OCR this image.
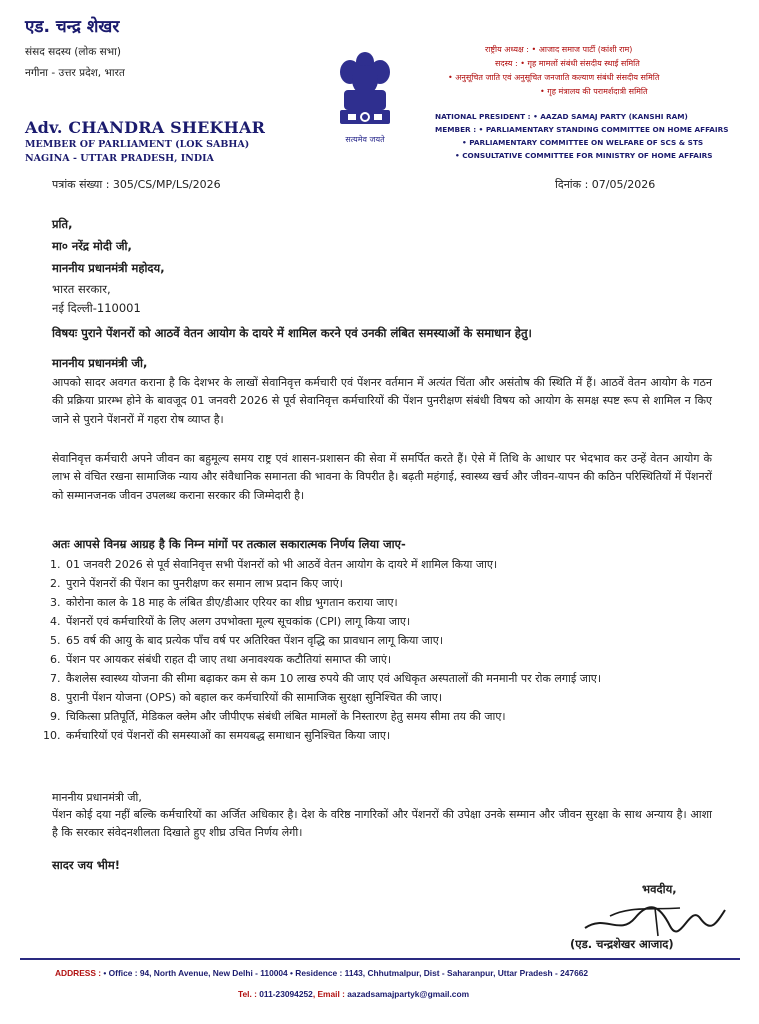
एड. चन्द्र शेखर
संसद सदस्य (लोक सभा)
नगीना - उत्तर प्रदेश, भारत
Adv. CHANDRA SHEKHAR
MEMBER OF PARLIAMENT (LOK SABHA)
NAGINA - UTTAR PRADESH, INDIA
सत्यमेव जयते
राष्ट्रीय अध्यक्ष : • आजाद समाज पार्टी (कांशी राम)
सदस्य : • गृह मामलों संबंधी संसदीय स्थाई समिति
• अनुसूचित जाति एवं अनुसूचित जनजाति कल्याण संबंधी संसदीय समिति
• गृह मंत्रालय की परामर्शदात्री समिति
NATIONAL PRESIDENT : • AAZAD SAMAJ PARTY (KANSHI RAM)
MEMBER : • PARLIAMENTARY STANDING COMMITTEE ON HOME AFFAIRS
• PARLIAMENTARY COMMITTEE ON WELFARE OF SCS & STS
• CONSULTATIVE COMMITTEE FOR MINISTRY OF HOME AFFAIRS
पत्रांक संख्या : 305/CS/MP/LS/2026	दिनांक : 07/05/2026
प्रति,
मा० नरेंद्र मोदी जी,
माननीय प्रधानमंत्री महोदय,
भारत सरकार,
नई दिल्ली-110001
विषयः पुराने पेंशनरों को आठवें वेतन आयोग के दायरे में शामिल करने एवं उनकी लंबित समस्याओं के समाधान हेतु।
माननीय प्रधानमंत्री जी,
आपको सादर अवगत कराना है कि देशभर के लाखों सेवानिवृत्त कर्मचारी एवं पेंशनर वर्तमान में अत्यंत चिंता और असंतोष की स्थिति में हैं। आठवें वेतन आयोग के गठन की प्रक्रिया प्रारम्भ होने के बावजूद 01 जनवरी 2026 से पूर्व सेवानिवृत्त कर्मचारियों की पेंशन पुनरीक्षण संबंधी विषय को आयोग के समक्ष स्पष्ट रूप से शामिल न किए जाने से पुराने पेंशनरों में गहरा रोष व्याप्त है।
सेवानिवृत्त कर्मचारी अपने जीवन का बहुमूल्य समय राष्ट्र एवं शासन-प्रशासन की सेवा में समर्पित करते हैं। ऐसे में तिथि के आधार पर भेदभाव कर उन्हें वेतन आयोग के लाभ से वंचित रखना सामाजिक न्याय और संवैधानिक समानता की भावना के विपरीत है। बढ़ती महंगाई, स्वास्थ्य खर्च और जीवन-यापन की कठिन परिस्थितियों में पेंशनरों को सम्मानजनक जीवन उपलब्ध कराना सरकार की जिम्मेदारी है।
अतः आपसे विनम्र आग्रह है कि निम्न मांगों पर तत्काल सकारात्मक निर्णय लिया जाए-
1. 01 जनवरी 2026 से पूर्व सेवानिवृत्त सभी पेंशनरों को भी आठवें वेतन आयोग के दायरे में शामिल किया जाए।
2. पुराने पेंशनरों की पेंशन का पुनरीक्षण कर समान लाभ प्रदान किए जाएं।
3. कोरोना काल के 18 माह के लंबित डीए/डीआर एरियर का शीघ्र भुगतान कराया जाए।
4. पेंशनरों एवं कर्मचारियों के लिए अलग उपभोक्ता मूल्य सूचकांक (CPI) लागू किया जाए।
5. 65 वर्ष की आयु के बाद प्रत्येक पाँच वर्ष पर अतिरिक्त पेंशन वृद्धि का प्रावधान लागू किया जाए।
6. पेंशन पर आयकर संबंधी राहत दी जाए तथा अनावश्यक कटौतियां समाप्त की जाएं।
7. कैशलेस स्वास्थ्य योजना की सीमा बढ़ाकर कम से कम 10 लाख रुपये की जाए एवं अधिकृत अस्पतालों की मनमानी पर रोक लगाई जाए।
8. पुरानी पेंशन योजना (OPS) को बहाल कर कर्मचारियों की सामाजिक सुरक्षा सुनिश्चित की जाए।
9. चिकित्सा प्रतिपूर्ति, मेडिकल क्लेम और जीपीएफ संबंधी लंबित मामलों के निस्तारण हेतु समय सीमा तय की जाए।
10. कर्मचारियों एवं पेंशनरों की समस्याओं का समयबद्ध समाधान सुनिश्चित किया जाए।
माननीय प्रधानमंत्री जी,
पेंशन कोई दया नहीं बल्कि कर्मचारियों का अर्जित अधिकार है। देश के वरिष्ठ नागरिकों और पेंशनरों की उपेक्षा उनके सम्मान और जीवन सुरक्षा के साथ अन्याय है। आशा है कि सरकार संवेदनशीलता दिखाते हुए शीघ्र उचित निर्णय लेगी।
सादर जय भीम!
भवदीय,
(एड. चन्द्रशेखर आजाद)
ADDRESS : • Office : 94, North Avenue, New Delhi - 110004 • Residence : 1143, Chhutmalpur, Dist - Saharanpur, Uttar Pradesh - 247662
Tel. : 011-23094252, Email : aazadsamajpartyk@gmail.com
